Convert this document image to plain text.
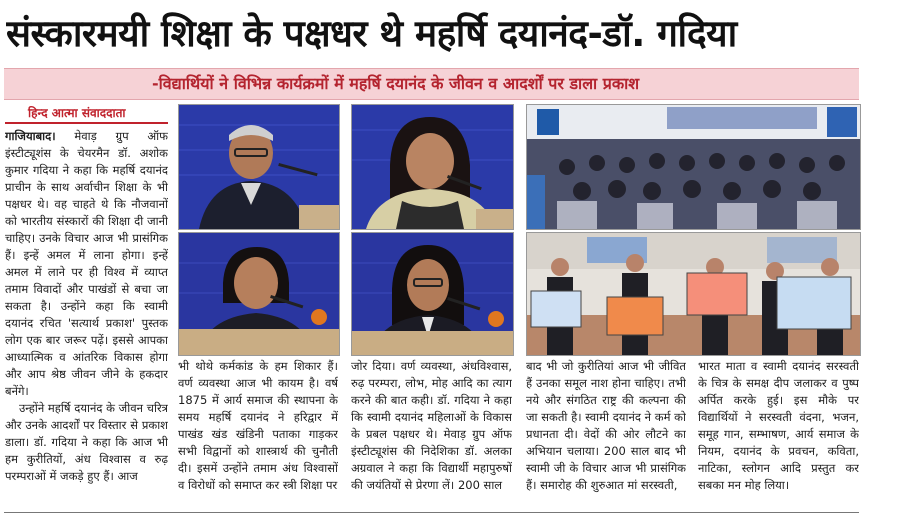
संस्कारमयी शिक्षा के पक्षधर थे महर्षि दयानंद-डॉ. गदिया
-विद्यार्थियों ने विभिन्न कार्यक्रमों में महर्षि दयानंद के जीवन व आदर्शों पर डाला प्रकाश
हिन्द आत्मा संवाददाता

गाजियाबाद। मेवाड़ ग्रुप ऑफ इंस्टीट्यूशंस के चेयरमैन डॉ. अशोक कुमार गदिया ने कहा कि महर्षि दयानंद प्राचीन के साथ अर्वाचीन शिक्षा के भी पक्षधर थे। वह चाहते थे कि नौजवानों को भारतीय संस्कारों की शिक्षा दी जानी चाहिए। उनके विचार आज भी प्रासंगिक हैं। इन्हें अमल में लाना होगा। इन्हें अमल में लाने पर ही विश्व में व्याप्त तमाम विवादों और पाखंडों से बचा जा सकता है। उन्होंने कहा कि स्वामी दयानंद रचित 'सत्यार्थ प्रकाश' पुस्तक लोग एक बार जरूर पढ़ें। इससे आपका आध्यात्मिक व आंतरिक विकास होगा और आप श्रेष्ठ जीवन जीने के हकदार बनेंगे।

उन्होंने महर्षि दयानंद के जीवन चरित्र और उनके आदर्शों पर विस्तार से प्रकाश डाला। डॉ. गदिया ने कहा कि आज भी हम कुरीतियों, अंध विश्वास व रुढ़ परम्पराओं में जकड़े हुए हैं। आज

भी थोथे कर्मकांड के हम शिकार हैं। वर्ण व्यवस्था आज भी कायम है। वर्ष 1875 में आर्य समाज की स्थापना के समय महर्षि दयानंद ने हरिद्वार में पाखंड खंड खंडिनी पताका गाड़कर सभी विद्वानों को शास्त्रार्थ की चुनौती दी। इसमें उन्होंने तमाम अंध विश्वासों व विरोधों को समाप्त कर स्त्री शिक्षा पर

जोर दिया। वर्ण व्यवस्था, अंधविश्वास, रुढ़ परम्परा, लोभ, मोह आदि का त्याग करने की बात कही। डॉ. गदिया ने कहा कि स्वामी दयानंद महिलाओं के विकास के प्रबल पक्षधर थे। मेवाड़ ग्रुप ऑफ इंस्टीट्यूशंस की निदेशिका डॉ. अलका अग्रवाल ने कहा कि विद्यार्थी महापुरुषों की जयंतियों से प्रेरणा लें। 200 साल

बाद भी जो कुरीतियां आज भी जीवित हैं उनका समूल नाश होना चाहिए। तभी नये और संगठित राष्ट्र की कल्पना की जा सकती है। स्वामी दयानंद ने कर्म को प्रधानता दी। वेदों की ओर लौटने का अभियान चलाया। 200 साल बाद भी स्वामी जी के विचार आज भी प्रासंगिक हैं। समारोह की शुरुआत मां सरस्वती,

भारत माता व स्वामी दयानंद सरस्वती के चित्र के समक्ष दीप जलाकर व पुष्प अर्पित करके हुई। इस मौके पर विद्यार्थियों ने सरस्वती वंदना, भजन, समूह गान, सम्भाषण, आर्य समाज के नियम, दयानंद के प्रवचन, कविता, नाटिका, स्लोगन आदि प्रस्तुत कर सबका मन मोह लिया।
